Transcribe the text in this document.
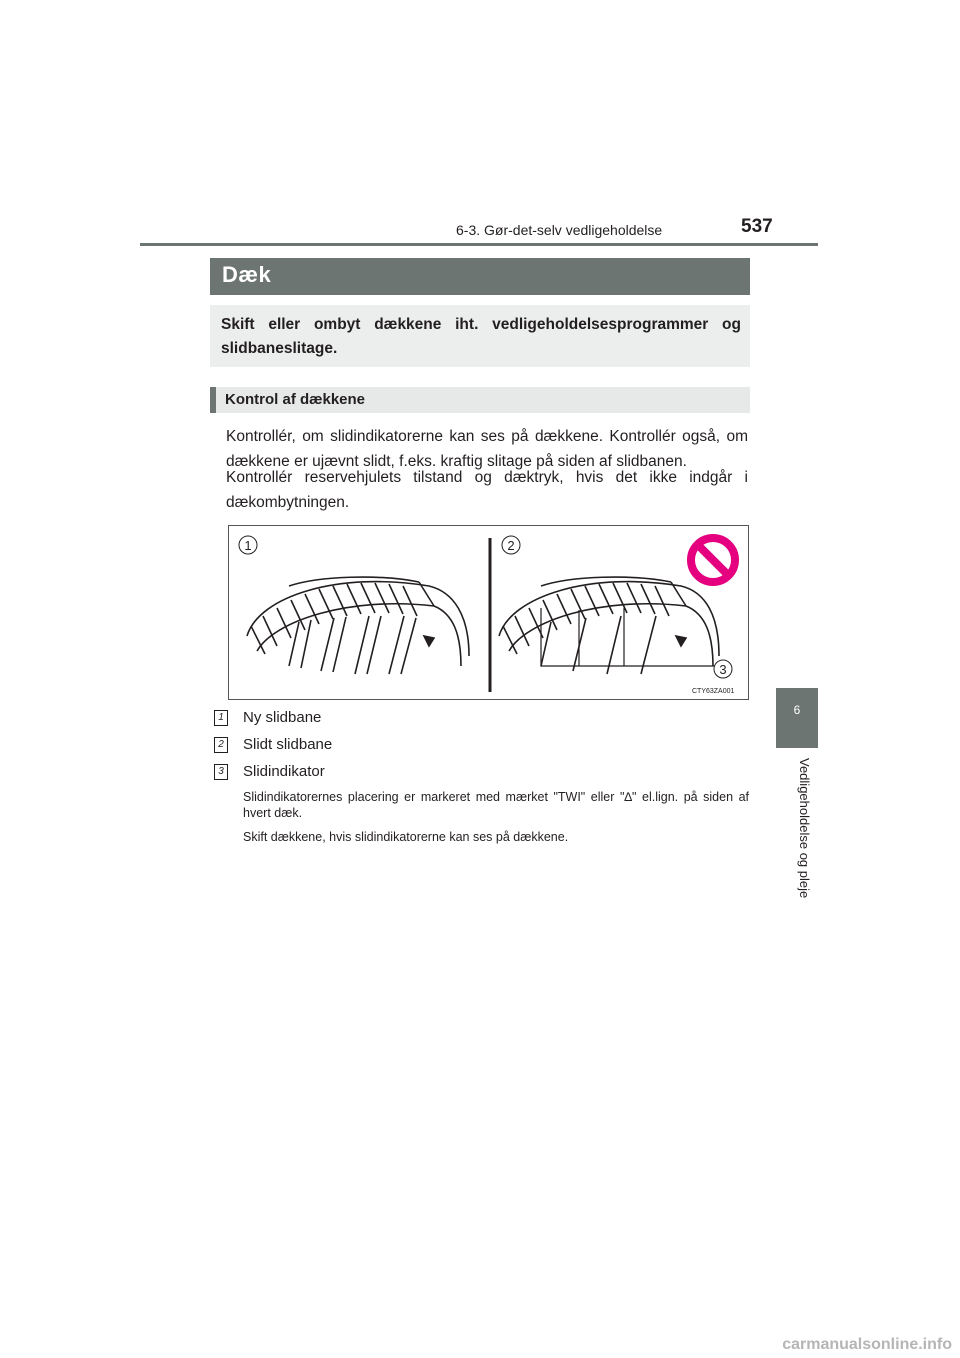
6-3. Gør-det-selv vedligeholdelse	537
6
Vedligeholdelse og pleje
Dæk
Skift eller ombyt dækkene iht. vedligeholdelsesprogrammer og slidbaneslitage.
Kontrol af dækkene
Kontrollér, om slidindikatorerne kan ses på dækkene. Kontrollér også, om dækkene er ujævnt slidt, f.eks. kraftig slitage på siden af slidbanen.
Kontrollér reservehjulets tilstand og dæktryk, hvis det ikke indgår i dækombytningen.
1	2
3
CTY63ZA001
1 Ny slidbane
2 Slidt slidbane
3 Slidindikator
Slidindikatorernes placering er markeret med mærket "TWI" eller "∆" el.lign. på siden af hvert dæk.
Skift dækkene, hvis slidindikatorerne kan ses på dækkene.
carmanualsonline.info
